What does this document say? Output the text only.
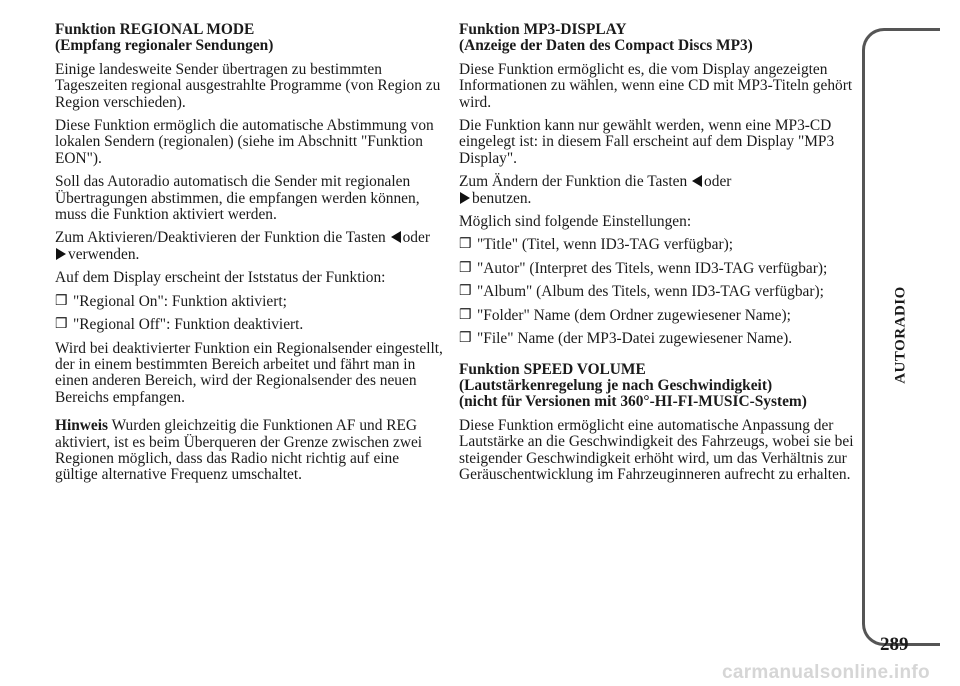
Funktion REGIONAL MODE
(Empfang regionaler Sendungen)

Einige landesweite Sender übertragen zu bestimmten Tageszeiten regional ausgestrahlte Programme (von Region zu Region verschieden).

Diese Funktion ermöglich die automatische Abstimmung von lokalen Sendern (regionalen) (siehe im Abschnitt "Funktion EON").

Soll das Autoradio automatisch die Sender mit regionalen Übertragungen abstimmen, die empfangen werden können, muss die Funktion aktiviert werden.

Zum Aktivieren/Deaktivieren der Funktion die Tasten oder verwenden.

Auf dem Display erscheint der Iststatus der Funktion:

❒ "Regional On": Funktion aktiviert;
❒ "Regional Off": Funktion deaktiviert.

Wird bei deaktivierter Funktion ein Regionalsender eingestellt, der in einem bestimmten Bereich arbeitet und fährt man in einen anderen Bereich, wird der Regionalsender des neuen Bereichs empfangen.

Hinweis Wurden gleichzeitig die Funktionen AF und REG aktiviert, ist es beim Überqueren der Grenze zwischen zwei Regionen möglich, dass das Radio nicht richtig auf eine gültige alternative Frequenz umschaltet.

Funktion MP3-DISPLAY
(Anzeige der Daten des Compact Discs MP3)

Diese Funktion ermöglicht es, die vom Display angezeigten Informationen zu wählen, wenn eine CD mit MP3-Titeln gehört wird.

Die Funktion kann nur gewählt werden, wenn eine MP3-CD eingelegt ist: in diesem Fall erscheint auf dem Display "MP3 Display".

Zum Ändern der Funktion die Tasten oder
benutzen.

Möglich sind folgende Einstellungen:

❒ "Title" (Titel, wenn ID3-TAG verfügbar);
❒ "Autor" (Interpret des Titels, wenn ID3-TAG verfügbar);
❒ "Album" (Album des Titels, wenn ID3-TAG verfügbar);
❒ "Folder" Name (dem Ordner zugewiesener Name);
❒ "File" Name (der MP3-Datei zugewiesener Name).
Funktion SPEED VOLUME
(Lautstärkenregelung je nach Geschwindigkeit)
(nicht für Versionen mit 360°-HI-FI-MUSIC-System)

Diese Funktion ermöglicht eine automatische Anpassung der Lautstärke an die Geschwindigkeit des Fahrzeugs, wobei sie bei steigender Geschwindigkeit erhöht wird, um das Verhältnis zur Geräuschentwicklung im Fahrzeuginneren aufrecht zu erhalten.

AUTORADIO
289
carmanualsonline.info
